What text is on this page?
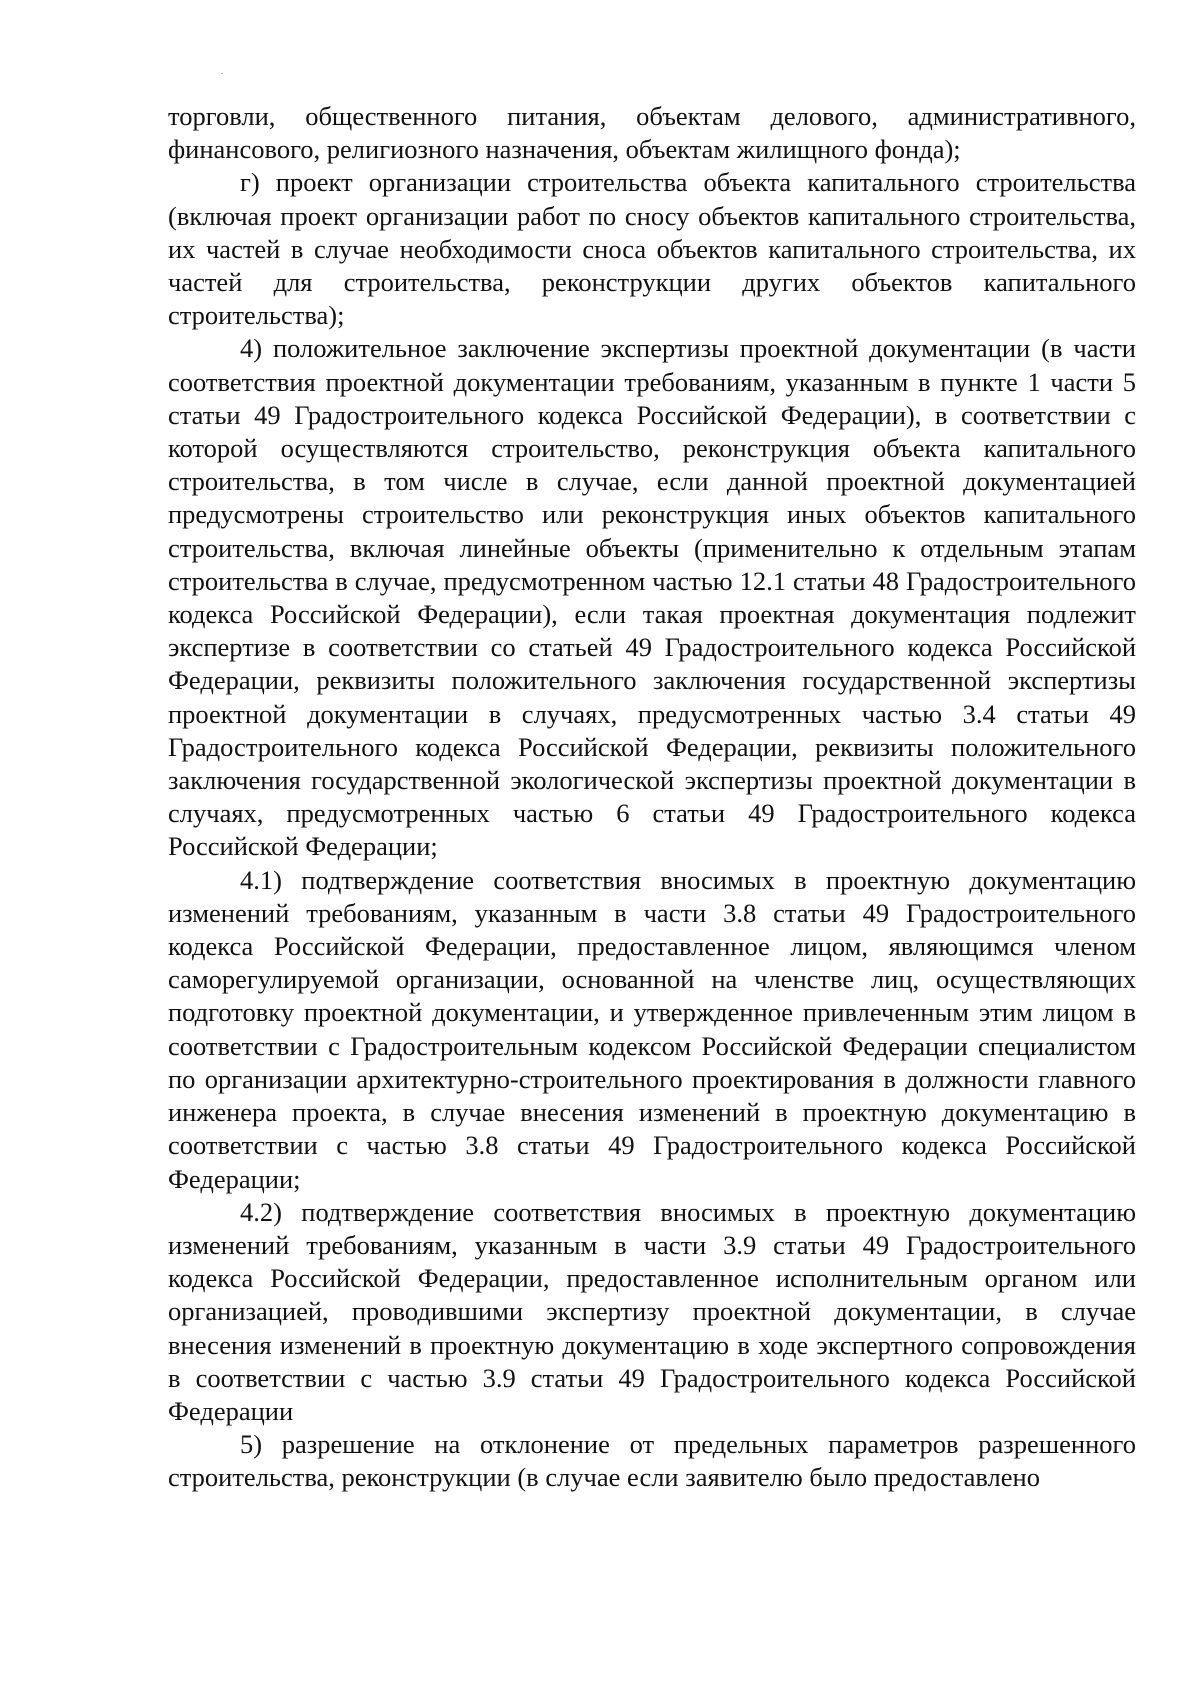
торговли, общественного питания, объектам делового, административного, финансового, религиозного назначения, объектам жилищного фонда);

г) проект организации строительства объекта капитального строительства (включая проект организации работ по сносу объектов капитального строительства, их частей в случае необходимости сноса объектов капитального строительства, их частей для строительства, реконструкции других объектов капитального строительства);

4) положительное заключение экспертизы проектной документации (в части соответствия проектной документации требованиям, указанным в пункте 1 части 5 статьи 49 Градостроительного кодекса Российской Федерации), в соответствии с которой осуществляются строительство, реконструкция объекта капитального строительства, в том числе в случае, если данной проектной документацией предусмотрены строительство или реконструкция иных объектов капитального строительства, включая линейные объекты (применительно к отдельным этапам строительства в случае, предусмотренном частью 12.1 статьи 48 Градостроительного кодекса Российской Федерации), если такая проектная документация подлежит экспертизе в соответствии со статьей 49 Градостроительного кодекса Российской Федерации, реквизиты положительного заключения государственной экспертизы проектной документации в случаях, предусмотренных частью 3.4 статьи 49 Градостроительного кодекса Российской Федерации, реквизиты положительного заключения государственной экологической экспертизы проектной документации в случаях, предусмотренных частью 6 статьи 49 Градостроительного кодекса Российской Федерации;

4.1) подтверждение соответствия вносимых в проектную документацию изменений требованиям, указанным в части 3.8 статьи 49 Градостроительного кодекса Российской Федерации, предоставленное лицом, являющимся членом саморегулируемой организации, основанной на членстве лиц, осуществляющих подготовку проектной документации, и утвержденное привлеченным этим лицом в соответствии с Градостроительным кодексом Российской Федерации специалистом по организации архитектурно-строительного проектирования в должности главного инженера проекта, в случае внесения изменений в проектную документацию в соответствии с частью 3.8 статьи 49 Градостроительного кодекса Российской Федерации;

4.2) подтверждение соответствия вносимых в проектную документацию изменений требованиям, указанным в части 3.9 статьи 49 Градостроительного кодекса Российской Федерации, предоставленное исполнительным органом или организацией, проводившими экспертизу проектной документации, в случае внесения изменений в проектную документацию в ходе экспертного сопровождения в соответствии с частью 3.9 статьи 49 Градостроительного кодекса Российской Федерации

5) разрешение на отклонение от предельных параметров разрешенного строительства, реконструкции (в случае если заявителю было предоставлено
